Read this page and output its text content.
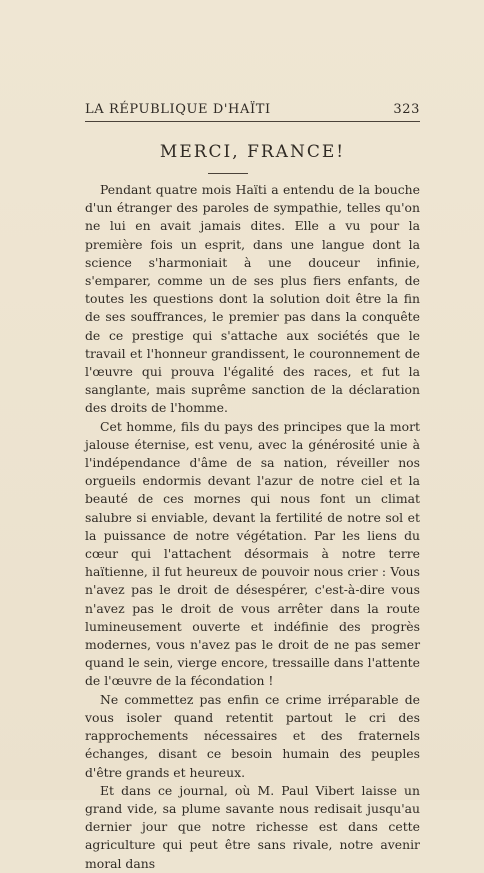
LA RÉPUBLIQUE D'HAÏTI	323
MERCI, FRANCE!

Pendant quatre mois Haïti a entendu de la bouche d'un étranger des paroles de sympathie, telles qu'on ne lui en avait jamais dites. Elle a vu pour la première fois un esprit, dans une langue dont la science s'harmoniait à une douceur infinie, s'emparer, comme un de ses plus fiers enfants, de toutes les questions dont la solution doit être la fin de ses souffrances, le premier pas dans la conquête de ce prestige qui s'attache aux sociétés que le travail et l'honneur grandissent, le couronnement de l'œuvre qui prouva l'égalité des races, et fut la sanglante, mais suprême sanction de la déclaration des droits de l'homme.

Cet homme, fils du pays des principes que la mort jalouse éternise, est venu, avec la générosité unie à l'indépendance d'âme de sa nation, réveiller nos orgueils endormis devant l'azur de notre ciel et la beauté de ces mornes qui nous font un climat salubre si enviable, devant la fertilité de notre sol et la puissance de notre végétation. Par les liens du cœur qui l'attachent désormais à notre terre haïtienne, il fut heureux de pouvoir nous crier : Vous n'avez pas le droit de désespérer, c'est-à-dire vous n'avez pas le droit de vous arrêter dans la route lumineusement ouverte et indéfinie des progrès modernes, vous n'avez pas le droit de ne pas semer quand le sein, vierge encore, tressaille dans l'attente de l'œuvre de la fécondation !

Ne commettez pas enfin ce crime irréparable de vous isoler quand retentit partout le cri des rapprochements nécessaires et des fraternels échanges, disant ce besoin humain des peuples d'être grands et heureux.

Et dans ce journal, où M. Paul Vibert laisse un grand vide, sa plume savante nous redisait jusqu'au dernier jour que notre richesse est dans cette agriculture qui peut être sans rivale, notre avenir moral dans
